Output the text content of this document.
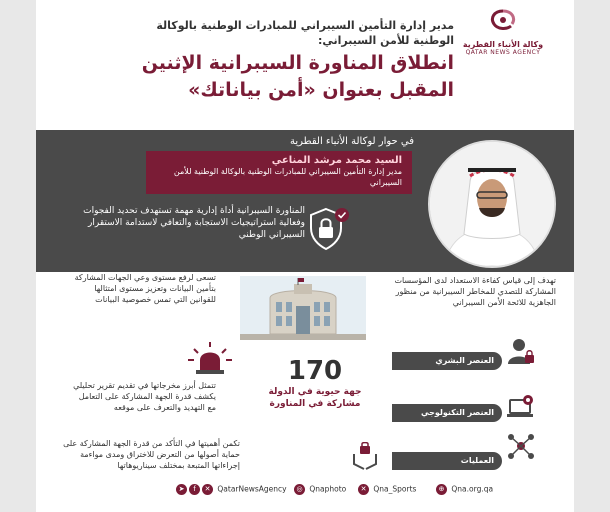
وكالة الأنباء القطرية
QATAR NEWS AGENCY
مدير إدارة التأمين السيبراني للمبادرات الوطنية بالوكالة الوطنية للأمن السيبراني:
انطلاق المناورة السيبرانية الإثنين المقبل بعنوان «أمن بياناتك»
في حوار لوكالة الأنباء القطرية
السيد محمد مرشد المناعي
مدير إدارة التأمين السيبراني للمبادرات الوطنية بالوكالة الوطنية للأمن السيبراني
المناورة السيبرانية أداة إدارية مهمة تستهدف تحديد الفجوات وفعالية استراتيجيات الاستجابة والتعافي لاستدامة الاستقرار السيبراني الوطني
تسعى لرفع مستوى وعي الجهات المشاركة بتأمين البيانات وتعزيز مستوى امتثالها للقوانين التي تمس خصوصية البيانات
تتمثل أبرز مخرجاتها في تقديم تقرير تحليلي يكشف قدرة الجهة المشاركة على التعامل مع التهديد والتعرف على موقعه
تكمن أهميتها في التأكد من قدرة الجهة المشاركة على حماية أصولها من التعرض للاختراق ومدى مواءمة إجراءاتها المتبعة بمختلف سيناريوهاتها
170
جهة حيوية في الدولة مشاركة في المناورة
تهدف إلى قياس كفاءة الاستعداد لدى المؤسسات المشاركة للتصدي للمخاطر السيبرانية من منظور الجاهزية للائحة الأمن السيبراني
العنصر البشري
العنصر التكنولوجي
العمليات
➤ f ✕ QatarNewsAgency	◎ Qnaphoto	✕ Qna_Sports	⊕ Qna.org.qa
